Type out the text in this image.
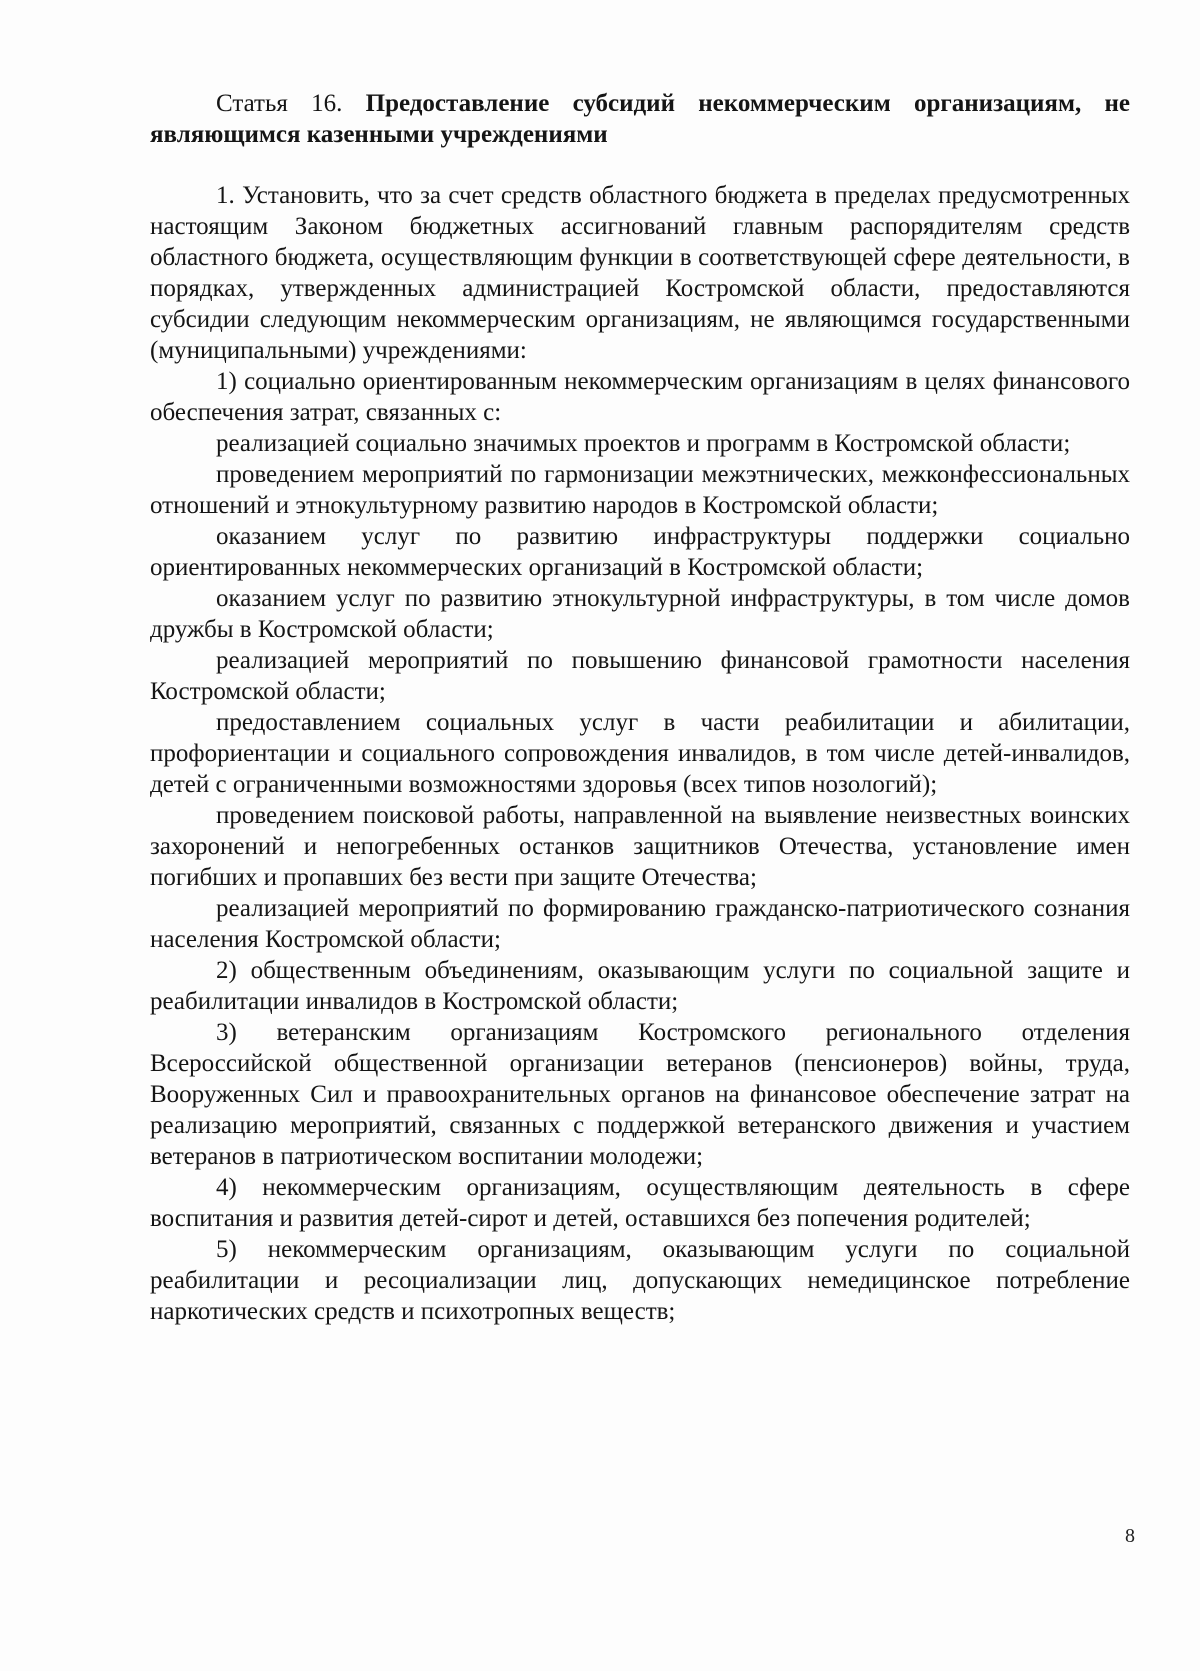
Статья 16. Предоставление субсидий некоммерческим организациям, не являющимся казенными учреждениями

1. Установить, что за счет средств областного бюджета в пределах предусмотренных настоящим Законом бюджетных ассигнований главным распорядителям средств областного бюджета, осуществляющим функции в соответствующей сфере деятельности, в порядках, утвержденных администрацией Костромской области, предоставляются субсидии следующим некоммерческим организациям, не являющимся государственными (муниципальными) учреждениями:

1) социально ориентированным некоммерческим организациям в целях финансового обеспечения затрат, связанных с:

реализацией социально значимых проектов и программ в Костромской области;

проведением мероприятий по гармонизации межэтнических, межконфессиональных отношений и этнокультурному развитию народов в Костромской области;

оказанием услуг по развитию инфраструктуры поддержки социально ориентированных некоммерческих организаций в Костромской области;

оказанием услуг по развитию этнокультурной инфраструктуры, в том числе домов дружбы в Костромской области;

реализацией мероприятий по повышению финансовой грамотности населения Костромской области;

предоставлением социальных услуг в части реабилитации и абилитации, профориентации и социального сопровождения инвалидов, в том числе детей-инвалидов, детей с ограниченными возможностями здоровья (всех типов нозологий);

проведением поисковой работы, направленной на выявление неизвестных воинских захоронений и непогребенных останков защитников Отечества, установление имен погибших и пропавших без вести при защите Отечества;

реализацией мероприятий по формированию гражданско-патриотического сознания населения Костромской области;

2) общественным объединениям, оказывающим услуги по социальной защите и реабилитации инвалидов в Костромской области;

3) ветеранским организациям Костромского регионального отделения Всероссийской общественной организации ветеранов (пенсионеров) войны, труда, Вооруженных Сил и правоохранительных органов на финансовое обеспечение затрат на реализацию мероприятий, связанных с поддержкой ветеранского движения и участием ветеранов в патриотическом воспитании молодежи;

4) некоммерческим организациям, осуществляющим деятельность в сфере воспитания и развития детей-сирот и детей, оставшихся без попечения родителей;

5) некоммерческим организациям, оказывающим услуги по социальной реабилитации и ресоциализации лиц, допускающих немедицинское потребление наркотических средств и психотропных веществ;

8
